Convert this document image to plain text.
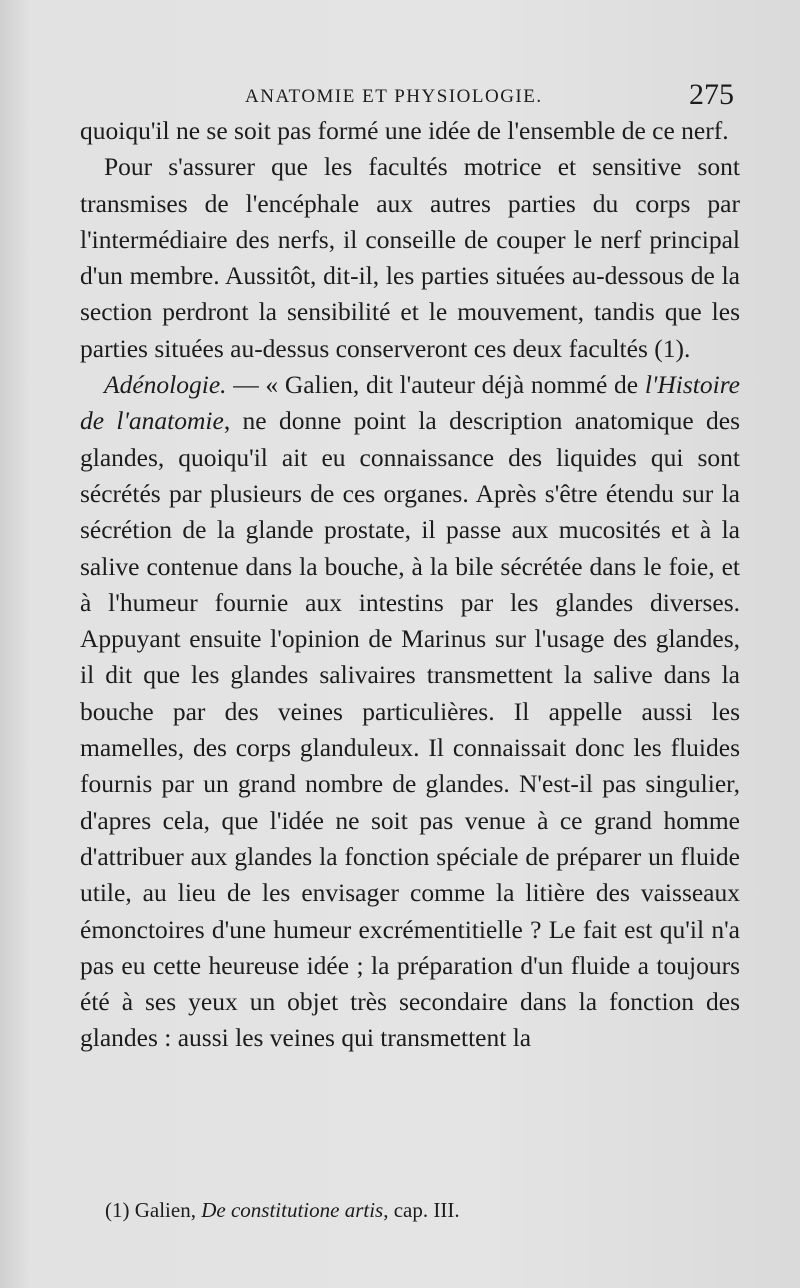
ANATOMIE ET PHYSIOLOGIE.	275

quoiqu'il ne se soit pas formé une idée de l'ensemble de ce nerf.

Pour s'assurer que les facultés motrice et sensitive sont transmises de l'encéphale aux autres parties du corps par l'intermédiaire des nerfs, il conseille de couper le nerf principal d'un membre. Aussitôt, dit-il, les parties situées au-dessous de la section perdront la sensibilité et le mouvement, tandis que les parties situées au-dessus conserveront ces deux facultés (1).

Adénologie. — « Galien, dit l'auteur déjà nommé de l'Histoire de l'anatomie, ne donne point la description anatomique des glandes, quoiqu'il ait eu connaissance des liquides qui sont sécrétés par plusieurs de ces organes. Après s'être étendu sur la sécrétion de la glande prostate, il passe aux mucosités et à la salive contenue dans la bouche, à la bile sécrétée dans le foie, et à l'humeur fournie aux intestins par les glandes diverses. Appuyant ensuite l'opinion de Marinus sur l'usage des glandes, il dit que les glandes salivaires transmettent la salive dans la bouche par des veines particulières. Il appelle aussi les mamelles, des corps glanduleux. Il connaissait donc les fluides fournis par un grand nombre de glandes. N'est-il pas singulier, d'apres cela, que l'idée ne soit pas venue à ce grand homme d'attribuer aux glandes la fonction spéciale de préparer un fluide utile, au lieu de les envisager comme la litière des vaisseaux émonctoires d'une humeur excrémentitielle ? Le fait est qu'il n'a pas eu cette heureuse idée ; la préparation d'un fluide a toujours été à ses yeux un objet très secondaire dans la fonction des glandes : aussi les veines qui transmettent la

(1) Galien, De constitutione artis, cap. III.
